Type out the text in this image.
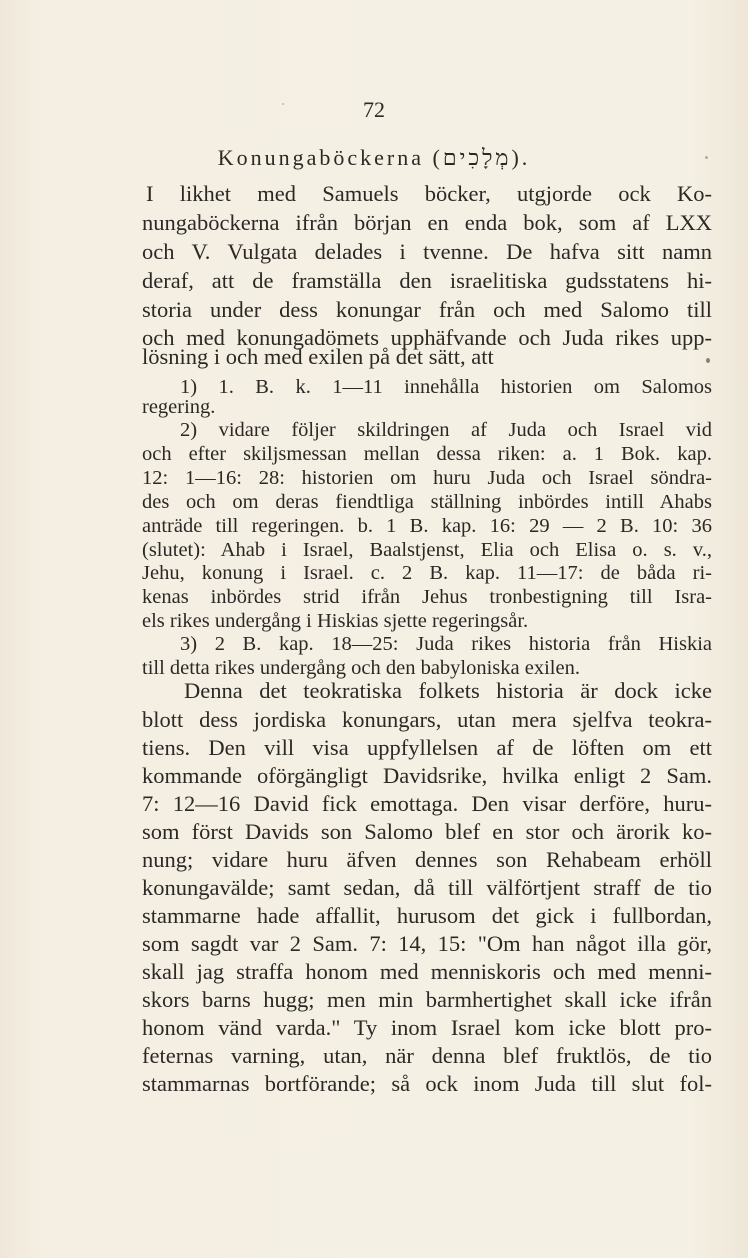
72
Konungaböckerna (מְלָכִים).
I likhet med Samuels böcker, utgjorde ock Ko-
nungaböckerna ifrån början en enda bok, som af LXX
och V. Vulgata delades i tvenne. De hafva sitt namn
deraf, att de framställa den israelitiska gudsstatens hi-
storia under dess konungar från och med Salomo till
och med konungadömets upphäfvande och Juda rikes upp-
lösning i och med exilen på det sätt, att
1) 1. B. k. 1—11 innehålla historien om Salomos
regering.
2) vidare följer skildringen af Juda och Israel vid
och efter skiljsmessan mellan dessa riken: a. 1 Bok. kap.
12: 1—16: 28: historien om huru Juda och Israel söndra-
des och om deras fiendtliga ställning inbördes intill Ahabs
anträde till regeringen. b. 1 B. kap. 16: 29 — 2 B. 10: 36
(slutet): Ahab i Israel, Baalstjenst, Elia och Elisa o. s. v.,
Jehu, konung i Israel. c. 2 B. kap. 11—17: de båda ri-
kenas inbördes strid ifrån Jehus tronbestigning till Isra-
els rikes undergång i Hiskias sjette regeringsår.
3) 2 B. kap. 18—25: Juda rikes historia från Hiskia
till detta rikes undergång och den babyloniska exilen.
Denna det teokratiska folkets historia är dock icke
blott dess jordiska konungars, utan mera sjelfva teokra-
tiens. Den vill visa uppfyllelsen af de löften om ett
kommande oförgängligt Davidsrike, hvilka enligt 2 Sam.
7: 12—16 David fick emottaga. Den visar derföre, huru-
som först Davids son Salomo blef en stor och ärorik ko-
nung; vidare huru äfven dennes son Rehabeam erhöll
konungavälde; samt sedan, då till välförtjent straff de tio
stammarne hade affallit, hurusom det gick i fullbordan,
som sagdt var 2 Sam. 7: 14, 15: "Om han något illa gör,
skall jag straffa honom med menniskoris och med menni-
skors barns hugg; men min barmhertighet skall icke ifrån
honom vänd varda." Ty inom Israel kom icke blott pro-
feternas varning, utan, när denna blef fruktlös, de tio
stammarnas bortförande; så ock inom Juda till slut fol-
